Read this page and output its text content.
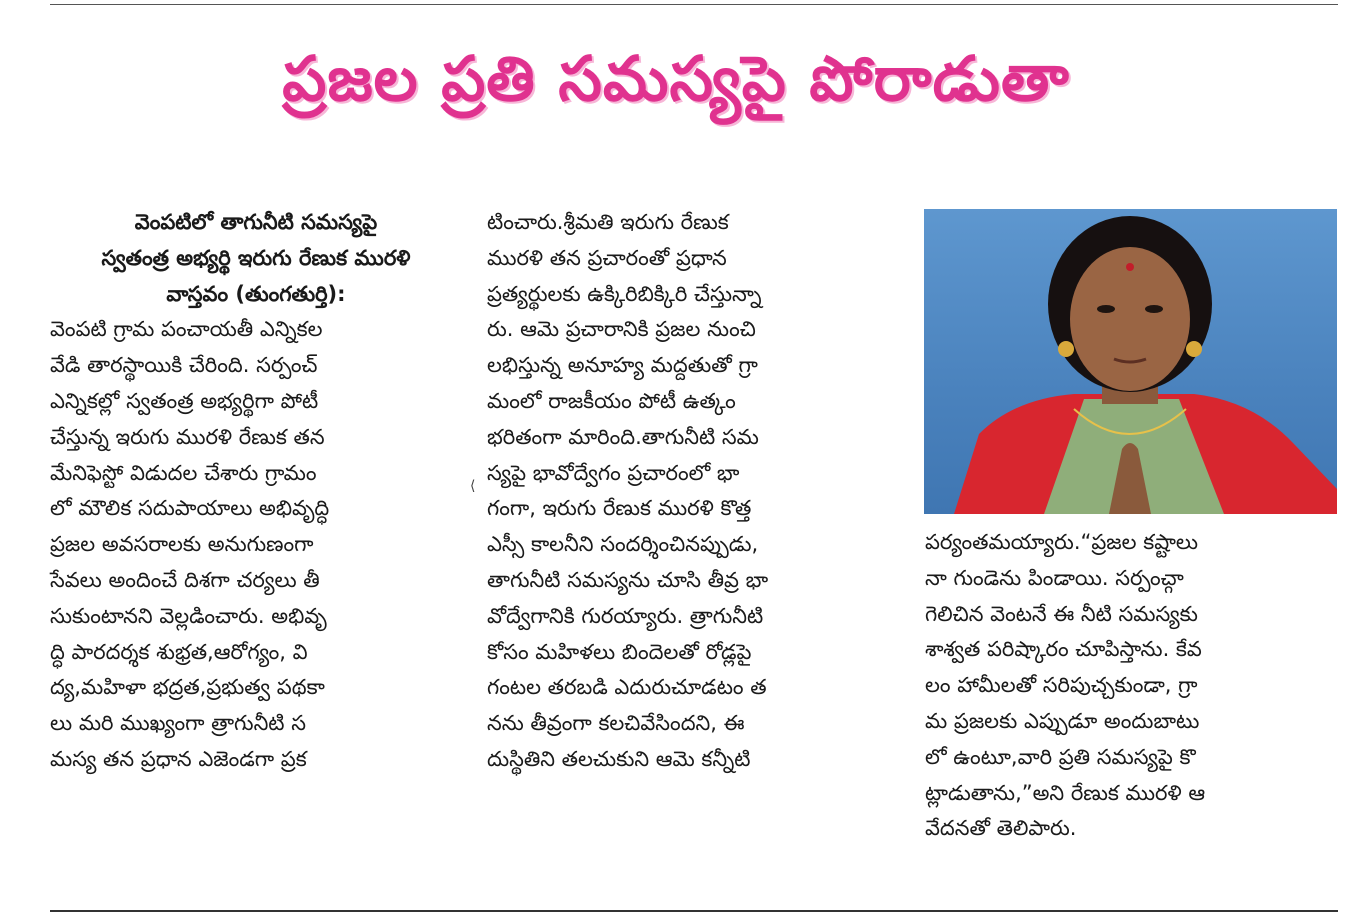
ప్రజల ప్రతి సమస్యపై పోరాడుతా

వెంపటిలో తాగునీటి సమస్యపై

స్వతంత్ర అభ్యర్థి ఇరుగు రేణుక మురళి

వాస్తవం (తుంగతుర్తి):

వెంపటి గ్రామ పంచాయతీ ఎన్నికల

వేడి తారస్థాయికి చేరింది. సర్పంచ్

ఎన్నికల్లో స్వతంత్ర అభ్యర్థిగా పోటీ

చేస్తున్న ఇరుగు మురళి రేణుక తన

మేనిఫెస్టో విడుదల చేశారు గ్రామం

లో మౌలిక సదుపాయాలు అభివృద్ధి

ప్రజల అవసరాలకు అనుగుణంగా

సేవలు అందించే దిశగా చర్యలు తీ

సుకుంటానని వెల్లడించారు. అభివృ

ద్ధి పారదర్శక శుభ్రత,ఆరోగ్యం, వి

ద్య,మహిళా భద్రత,ప్రభుత్వ పథకా

లు మరి ముఖ్యంగా త్రాగునీటి స

మస్య తన ప్రధాన ఎజెండగా ప్రక

టించారు.శ్రీమతి ఇరుగు రేణుక

మురళి తన ప్రచారంతో ప్రధాన

ప్రత్యర్థులకు ఉక్కిరిబిక్కిరి చేస్తున్నా

రు. ఆమె ప్రచారానికి ప్రజల నుంచి

లభిస్తున్న అనూహ్య మద్దతుతో గ్రా

మంలో రాజకీయం పోటీ ఉత్కం

భరితంగా మారింది.తాగునీటి సమ

స్యపై భావోద్వేగం ప్రచారంలో భా

గంగా, ఇరుగు రేణుక మురళి కొత్త

ఎస్సీ కాలనీని సందర్శించినప్పుడు,

తాగునీటి సమస్యను చూసి తీవ్ర భా

వోద్వేగానికి గురయ్యారు. త్రాగునీటి

కోసం మహిళలు బిందెలతో రోడ్లపై

గంటల తరబడి ఎదురుచూడటం త

నను తీవ్రంగా కలచివేసిందని, ఈ

దుస్థితిని తలచుకుని ఆమె కన్నీటి

⟨

పర్యంతమయ్యారు.“ప్రజల కష్టాలు

నా గుండెను పిండాయి. సర్పంచ్గా

గెలిచిన వెంటనే ఈ నీటి సమస్యకు

శాశ్వత పరిష్కారం చూపిస్తాను. కేవ

లం హామీలతో సరిపుచ్చకుండా, గ్రా

మ ప్రజలకు ఎప్పుడూ అందుబాటు

లో ఉంటూ,వారి ప్రతి సమస్యపై కొ

ట్లాడుతాను,”అని రేణుక మురళి ఆ

వేదనతో తెలిపారు.
